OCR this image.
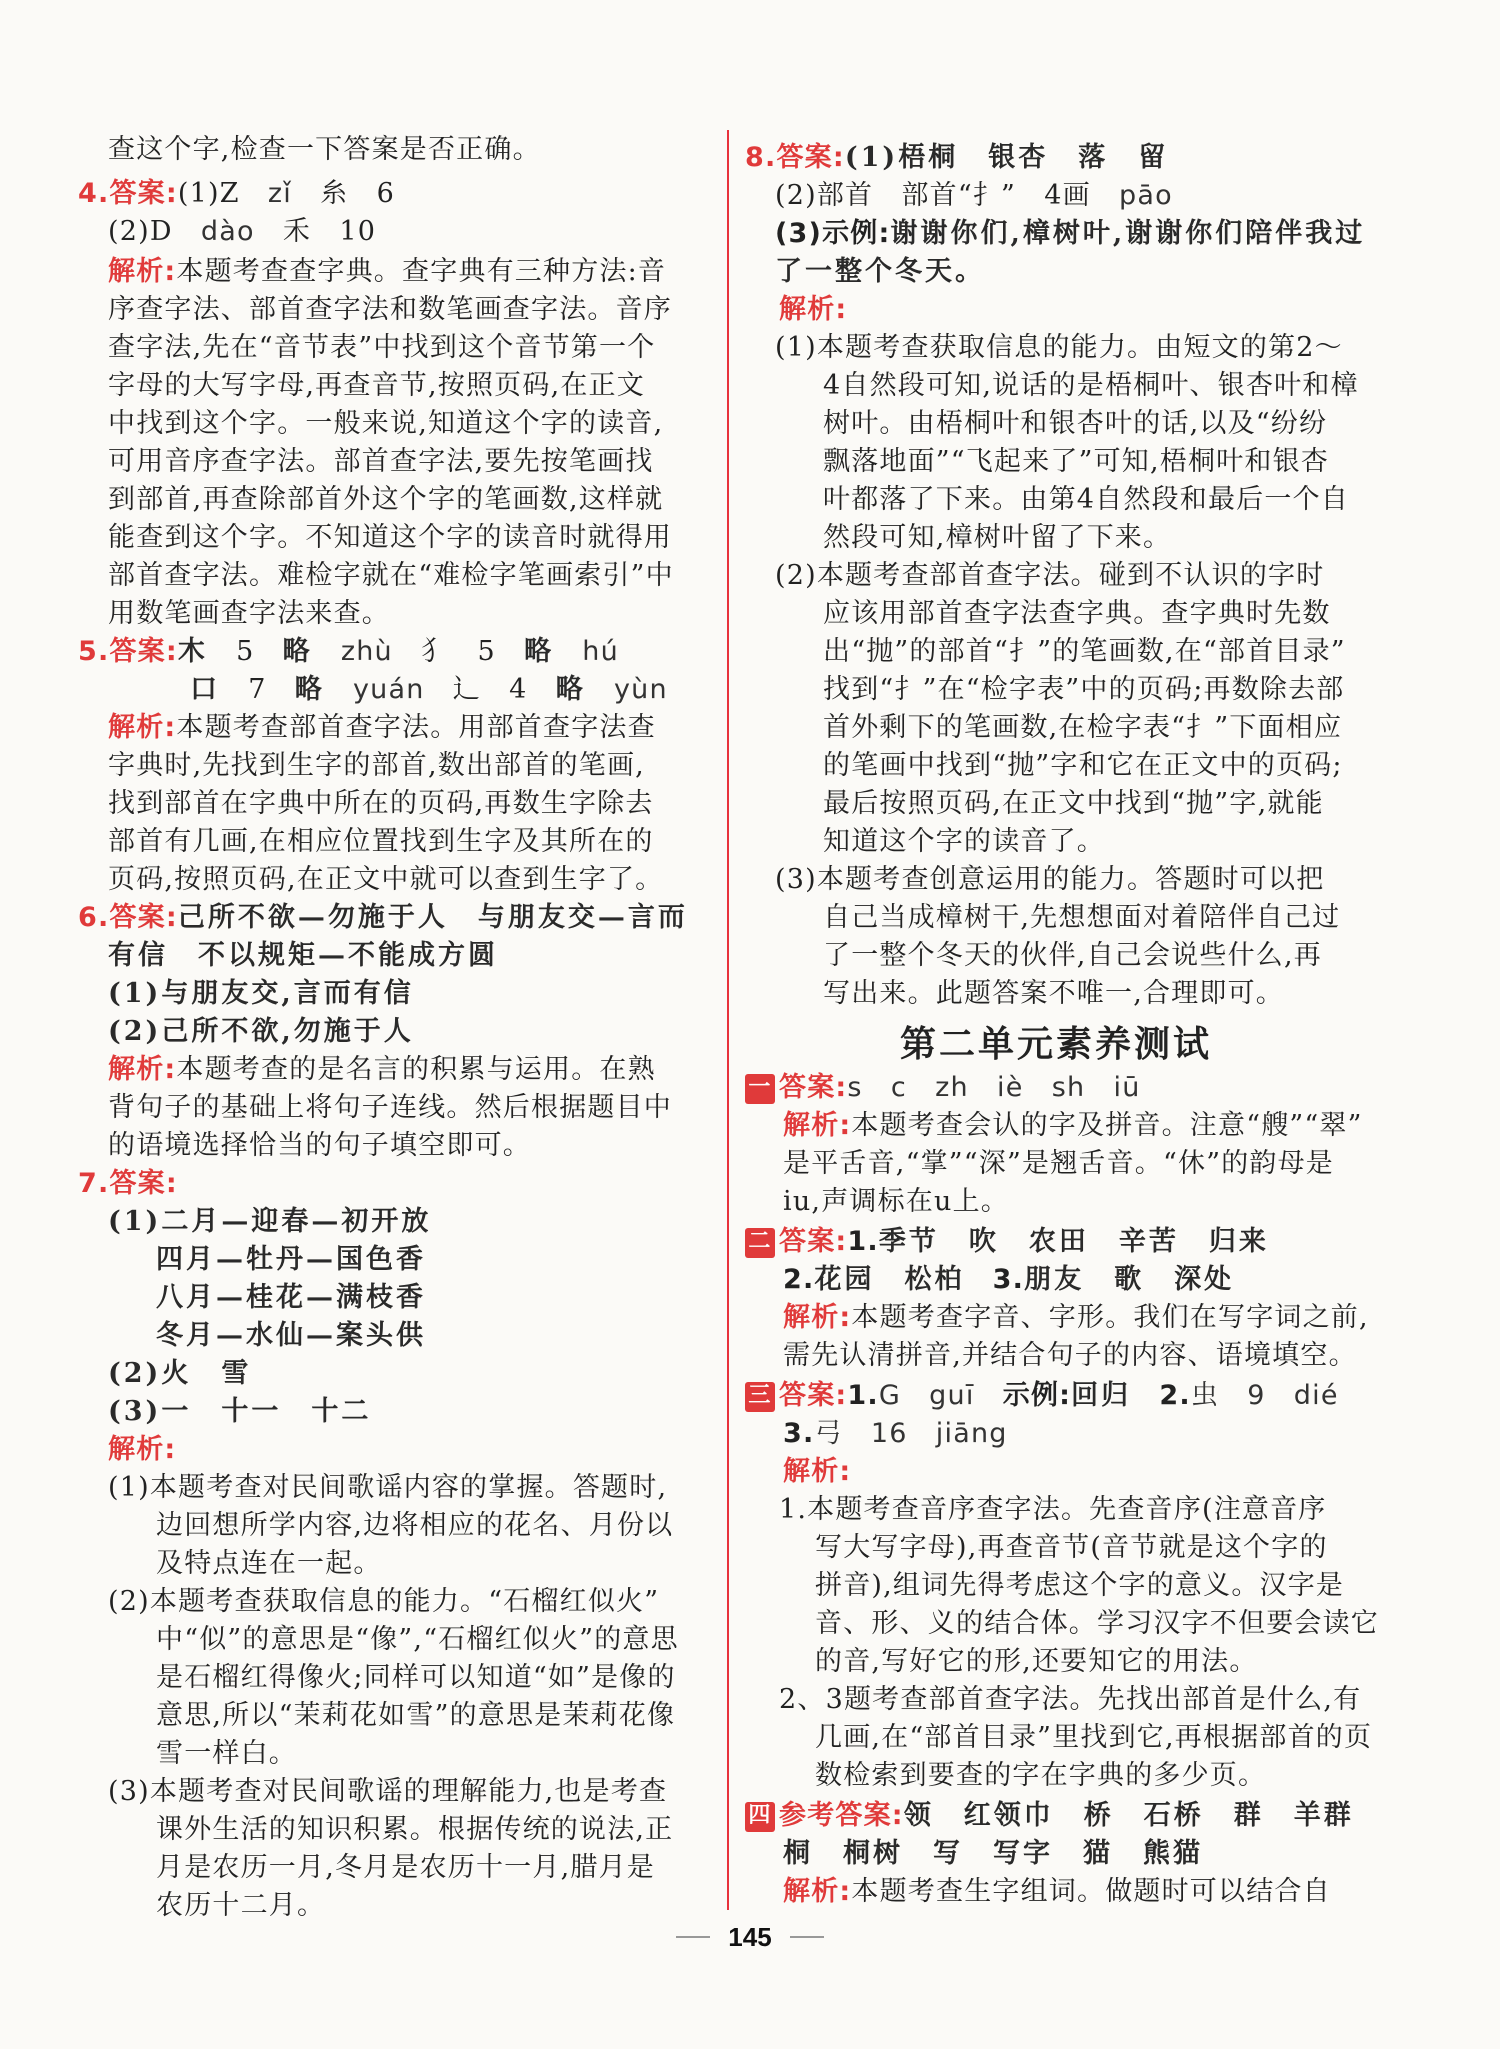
查这个字,检查一下答案是否正确。
4.答案:(1)Z　 zǐ　 糸　 6
(2)D　 dào　 禾　 10
解析:本题考查查字典。查字典有三种方法:音
序查字法、部首查字法和数笔画查字法。音序
查字法,先在“音节表”中找到这个音节第一个
字母的大写字母,再查音节,按照页码,在正文
中找到这个字。一般来说,知道这个字的读音,
可用音序查字法。部首查字法,要先按笔画找
到部首,再查除部首外这个字的笔画数,这样就
能查到这个字。不知道这个字的读音时就得用
部首查字法。难检字就在“难检字笔画索引”中
用数笔画查字法来查。
5.答案:木　 5　 略　 zhù　 犭　 5　 略　 hú
口　 7　 略　 yuán　 辶　 4　 略　 yùn
解析:本题考查部首查字法。用部首查字法查
字典时,先找到生字的部首,数出部首的笔画,
找到部首在字典中所在的页码,再数生字除去
部首有几画,在相应位置找到生字及其所在的
页码,按照页码,在正文中就可以查到生字了。
6.答案:己所不欲—勿施于人　与朋友交—言而
有信　不以规矩—不能成方圆
(1)与朋友交,言而有信
(2)己所不欲,勿施于人
解析:本题考查的是名言的积累与运用。在熟
背句子的基础上将句子连线。然后根据题目中
的语境选择恰当的句子填空即可。
7.答案:
(1)二月—迎春—初开放
四月—牡丹—国色香
八月—桂花—满枝香
冬月—水仙—案头供
(2)火　雪
(3)一　十一　十二
解析:
(1)本题考查对民间歌谣内容的掌握。答题时,
边回想所学内容,边将相应的花名、月份以
及特点连在一起。
(2)本题考查获取信息的能力。“石榴红似火”
中“似”的意思是“像”,“石榴红似火”的意思
是石榴红得像火;同样可以知道“如”是像的
意思,所以“茉莉花如雪”的意思是茉莉花像
雪一样白。
(3)本题考查对民间歌谣的理解能力,也是考查
课外生活的知识积累。根据传统的说法,正
月是农历一月,冬月是农历十一月,腊月是
农历十二月。
8.答案:(1)梧桐　银杏　落　留
(2)部首　部首“扌”　4画　 pāo
(3)示例:谢谢你们,樟树叶,谢谢你们陪伴我过
了一整个冬天。
解析:
(1)本题考查获取信息的能力。由短文的第2～
4自然段可知,说话的是梧桐叶、银杏叶和樟
树叶。由梧桐叶和银杏叶的话,以及“纷纷
飘落地面”“飞起来了”可知,梧桐叶和银杏
叶都落了下来。由第4自然段和最后一个自
然段可知,樟树叶留了下来。
(2)本题考查部首查字法。碰到不认识的字时
应该用部首查字法查字典。查字典时先数
出“抛”的部首“扌”的笔画数,在“部首目录”
找到“扌”在“检字表”中的页码;再数除去部
首外剩下的笔画数,在检字表“扌”下面相应
的笔画中找到“抛”字和它在正文中的页码;
最后按照页码,在正文中找到“抛”字,就能
知道这个字的读音了。
(3)本题考查创意运用的能力。答题时可以把
自己当成樟树干,先想想面对着陪伴自己过
了一整个冬天的伙伴,自己会说些什么,再
写出来。此题答案不唯一,合理即可。
第二单元素养测试
一 答案:s　c　zh　iè　sh　iū
解析:本题考查会认的字及拼音。注意“艘”“翠”
是平舌音,“掌”“深”是翘舌音。“休”的韵母是
iu,声调标在u上。
二 答案:1.季节　吹　农田　辛苦　归来
2.花园　松柏　 3.朋友　歌　深处
解析:本题考查字音、字形。我们在写字词之前,
需先认清拼音,并结合句子的内容、语境填空。
三 答案:1.G　guī　 示例:回归　 2.虫　9　dié
3.弓　16　jiāng
解析:
1.本题考查音序查字法。先查音序(注意音序
写大写字母),再查音节(音节就是这个字的
拼音),组词先得考虑这个字的意义。汉字是
音、形、义的结合体。学习汉字不但要会读它
的音,写好它的形,还要知它的用法。
2、3题考查部首查字法。先找出部首是什么,有
几画,在“部首目录”里找到它,再根据部首的页
数检索到要查的字在字典的多少页。
四 参考答案:领　红领巾　桥　石桥　群　羊群
桐　桐树　写　写字　猫　熊猫
解析:本题考查生字组词。做题时可以结合自
145
